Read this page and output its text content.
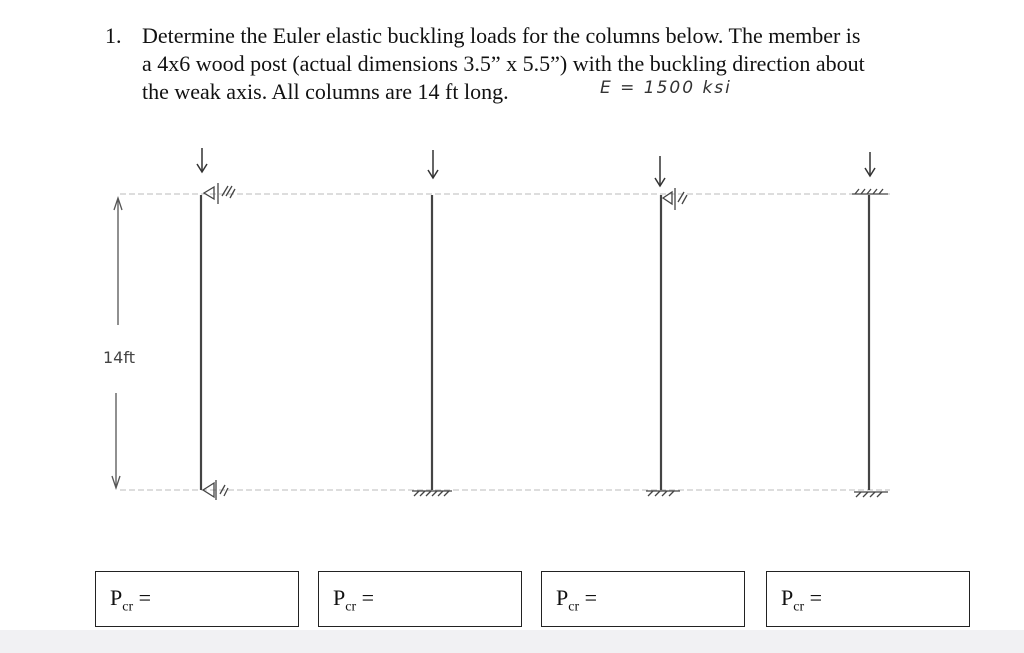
1. Determine the Euler elastic buckling loads for the columns below. The member is
a 4x6 wood post (actual dimensions 3.5” x 5.5”) with the buckling direction about
the weak axis. All columns are 14 ft long.	E = 1500 ksi
14ft
$P_{cr}$ =	$P_{cr}$ =	$P_{cr}$ =	$P_{cr}$ =
